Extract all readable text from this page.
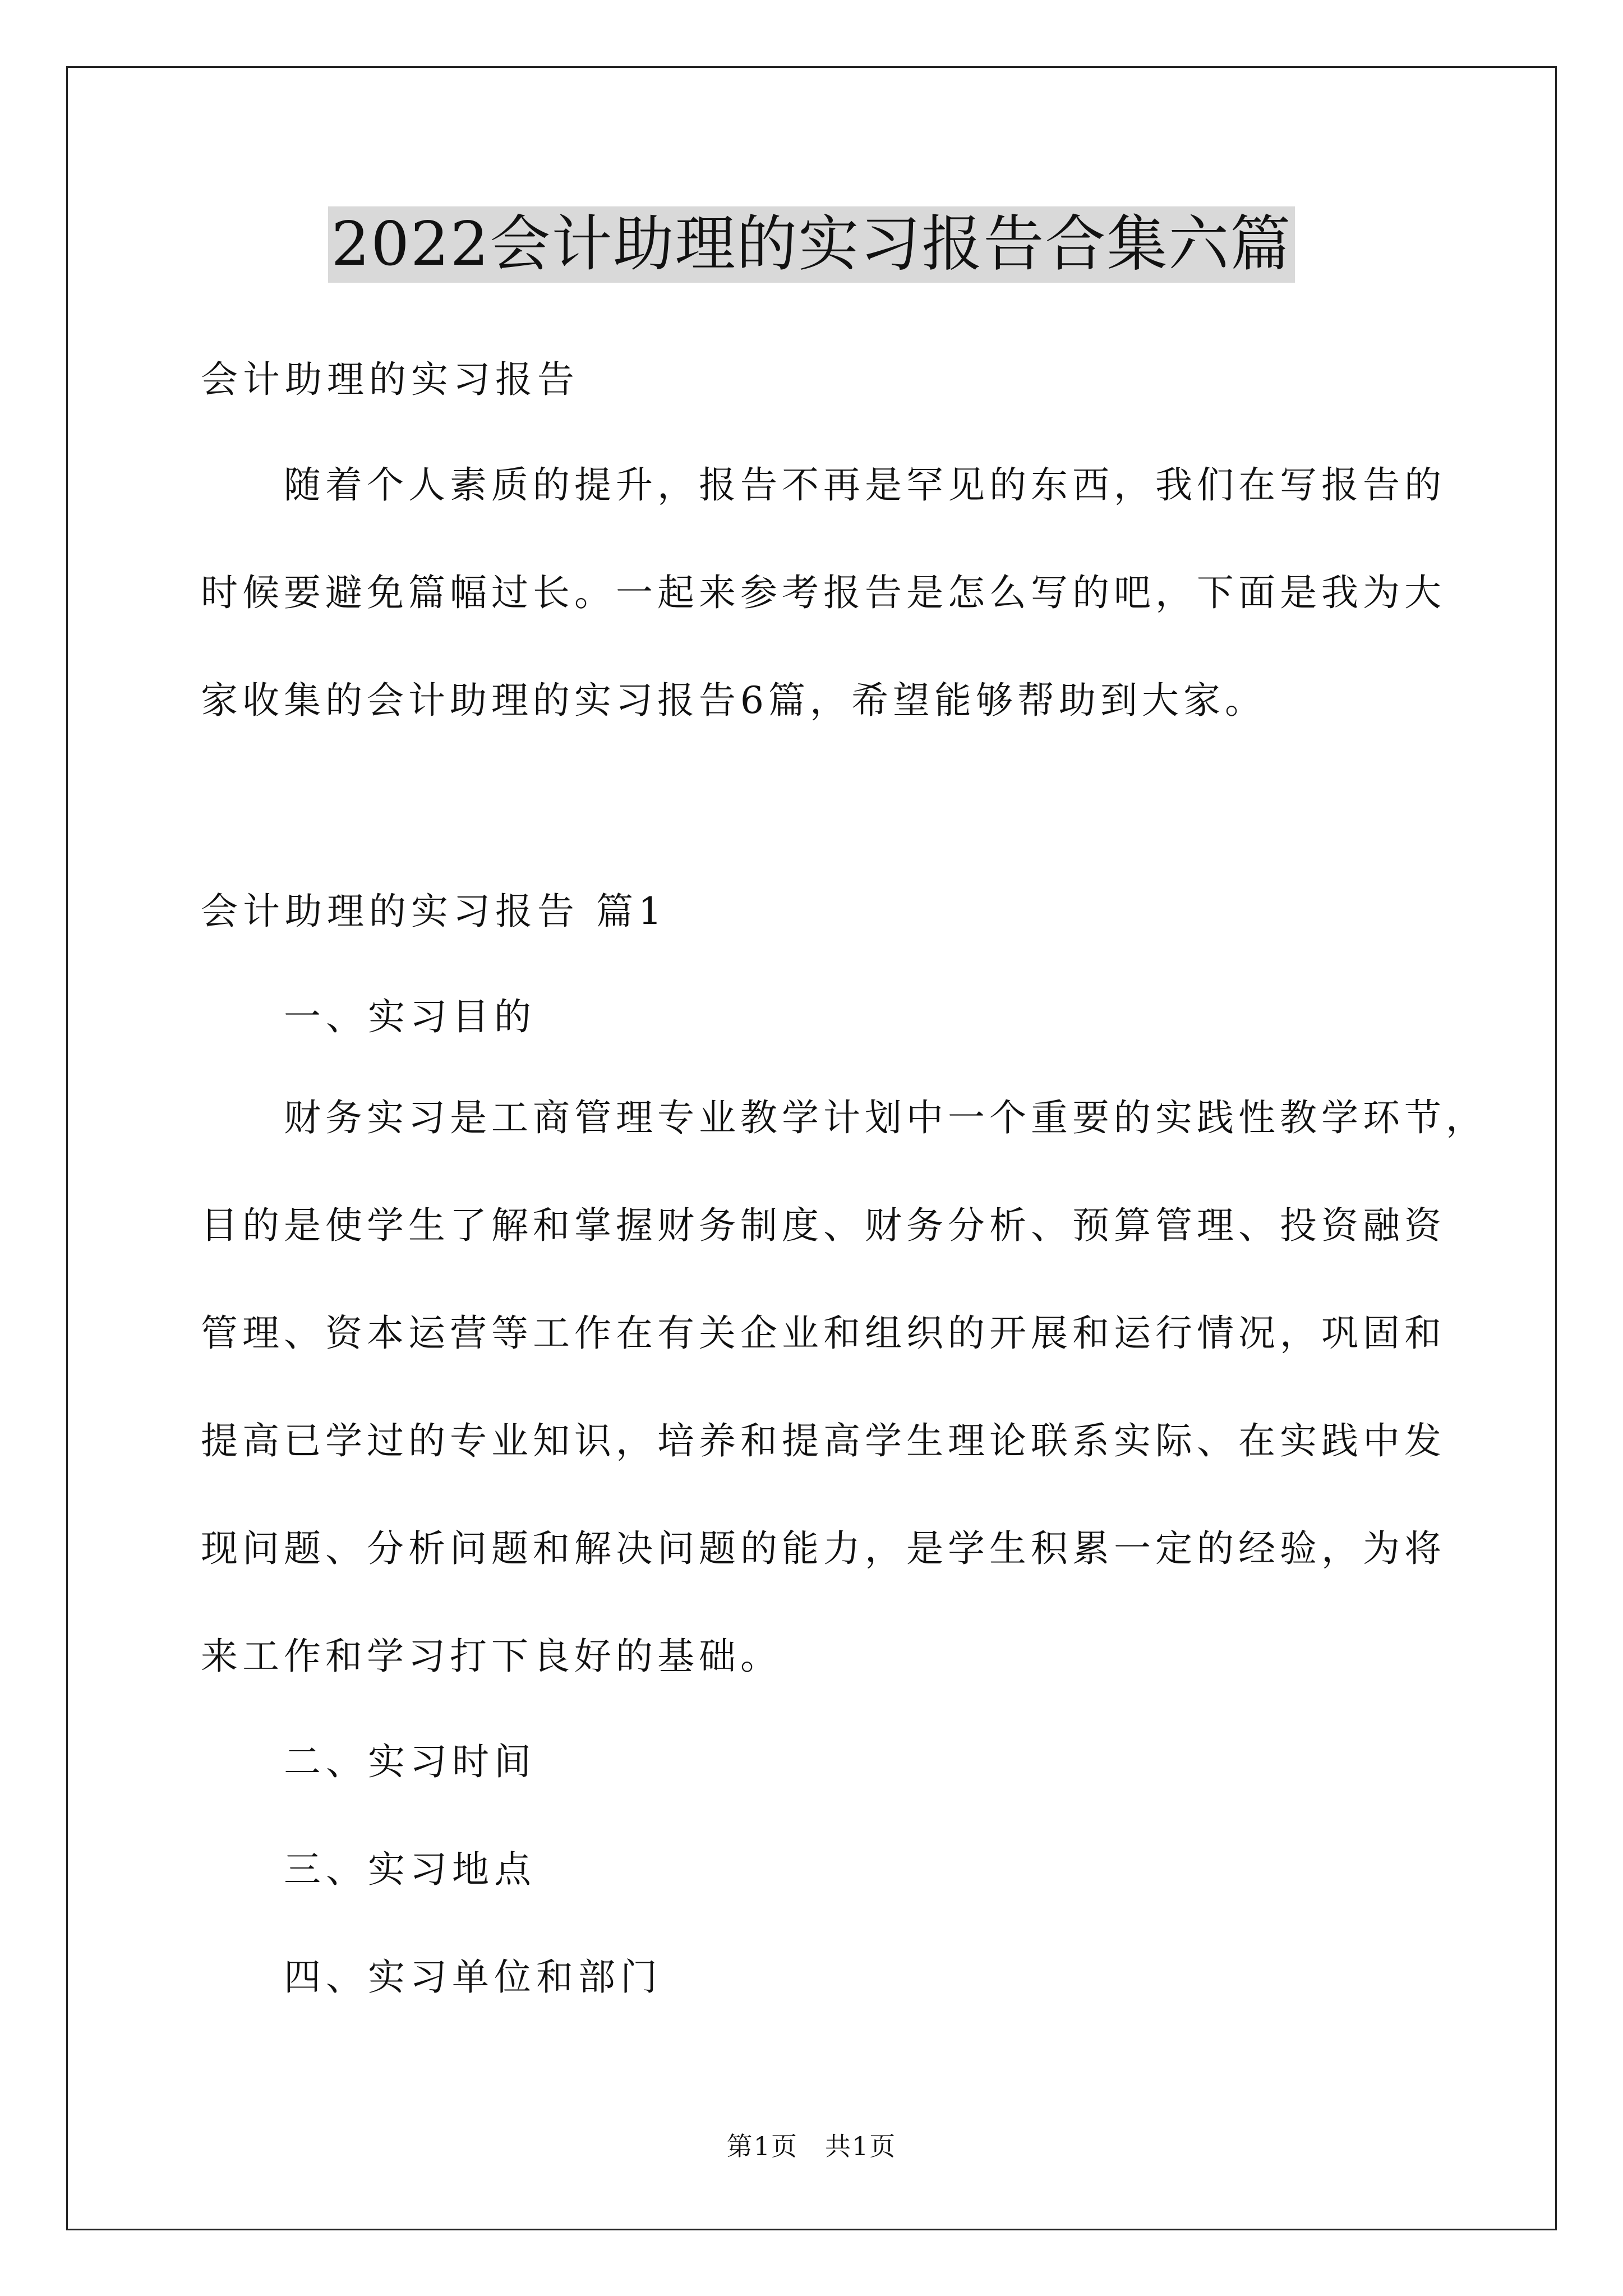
2022会计助理的实习报告合集六篇
会计助理的实习报告
随着个人素质的提升，报告不再是罕见的东西，我们在写报告的
时候要避免篇幅过长。一起来参考报告是怎么写的吧，下面是我为大
家收集的会计助理的实习报告6篇，希望能够帮助到大家。
会计助理的实习报告 篇1
一、实习目的
财务实习是工商管理专业教学计划中一个重要的实践性教学环节，
目的是使学生了解和掌握财务制度、财务分析、预算管理、投资融资
管理、资本运营等工作在有关企业和组织的开展和运行情况，巩固和
提高已学过的专业知识，培养和提高学生理论联系实际、在实践中发
现问题、分析问题和解决问题的能力，是学生积累一定的经验，为将
来工作和学习打下良好的基础。
二、实习时间
三、实习地点
四、实习单位和部门
第1页 共1页
